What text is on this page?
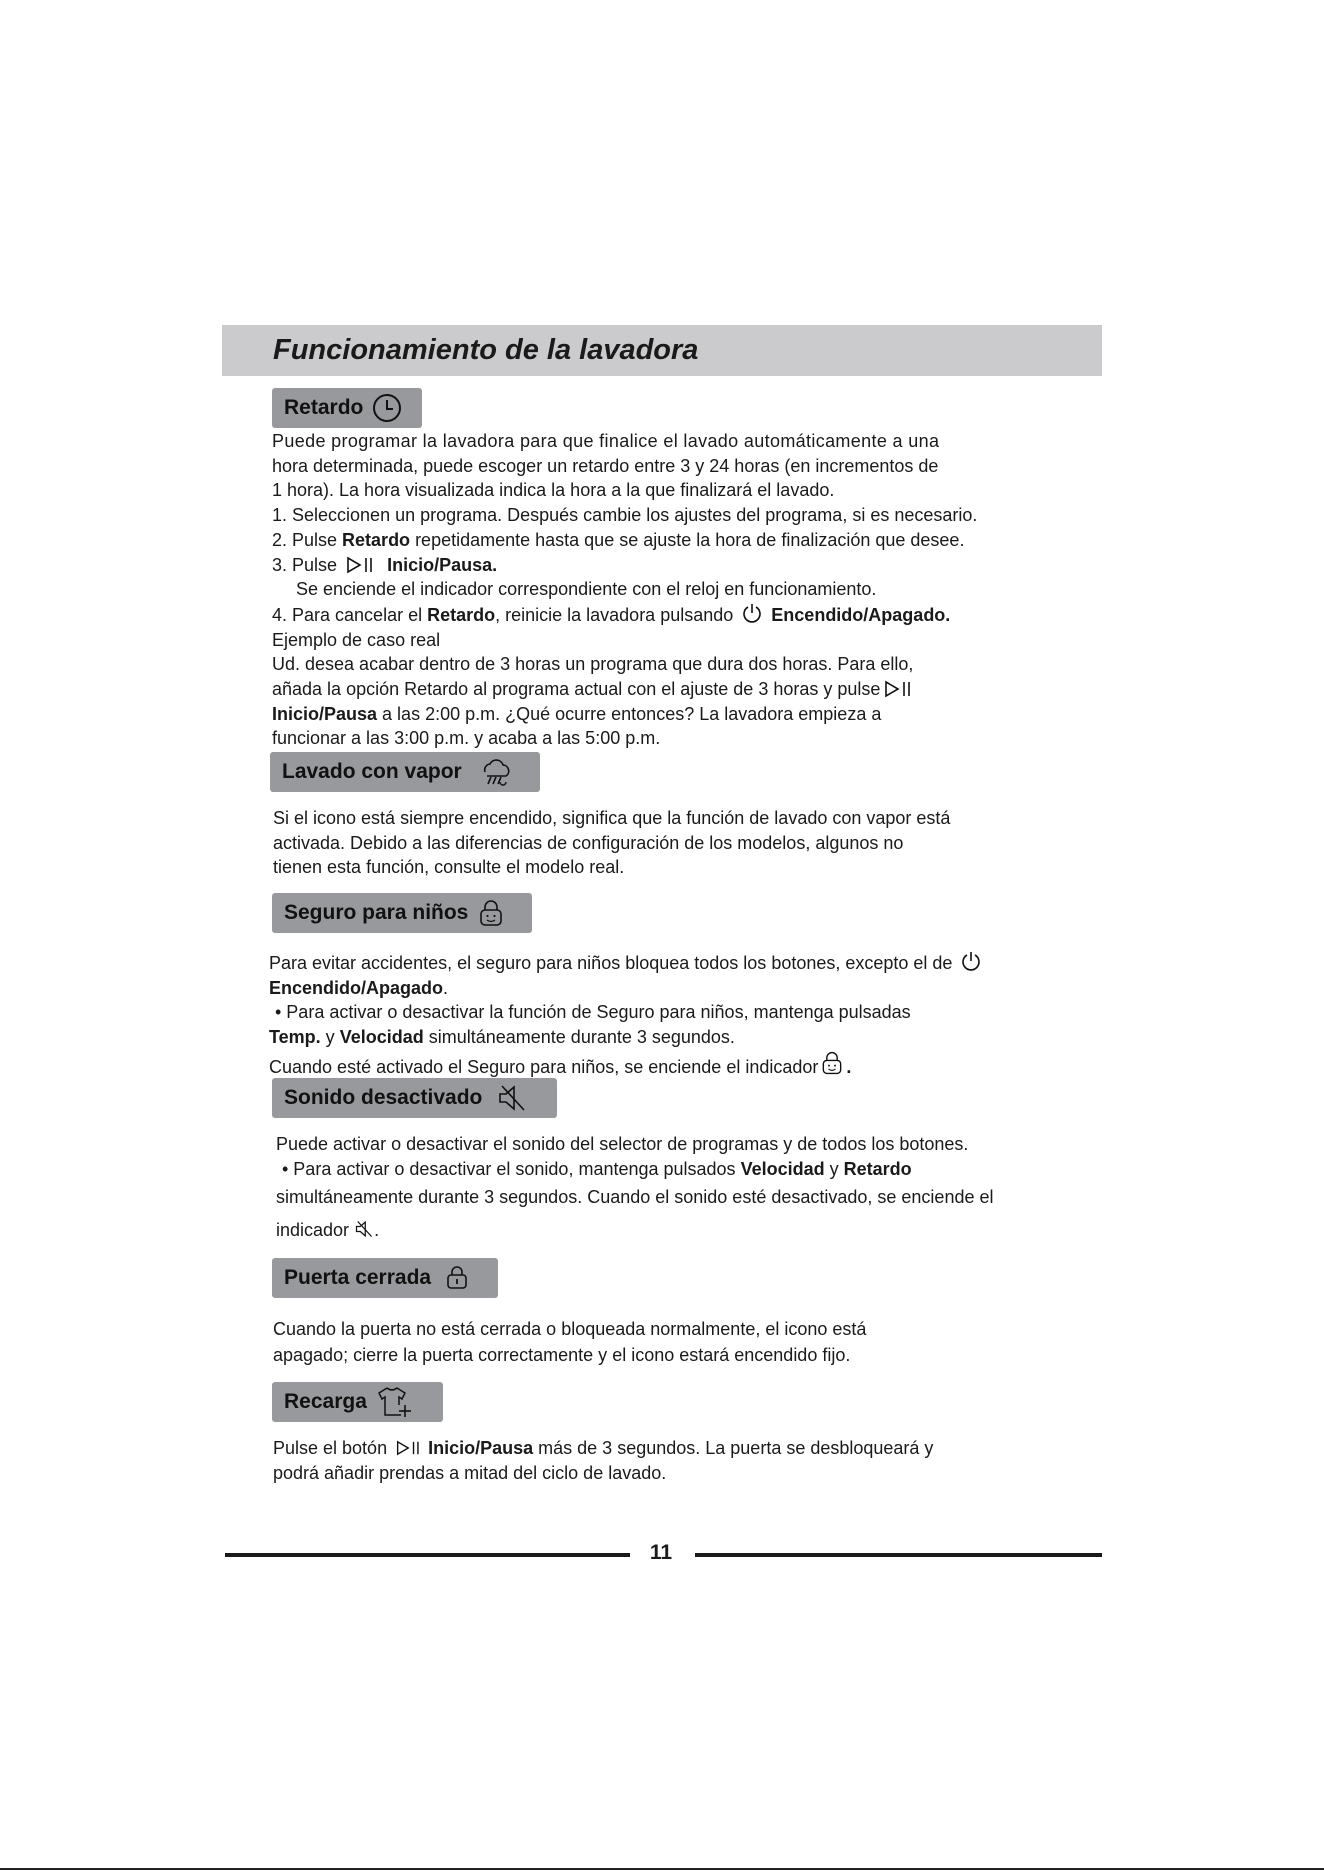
Funcionamiento de la lavadora
Retardo

Puede programar la lavadora para que finalice el lavado automáticamente a una

hora determinada, puede escoger un retardo entre 3 y 24 horas (en incrementos de

1 hora). La hora visualizada indica la hora a la que finalizará el lavado.

1. Seleccionen un programa. Después cambie los ajustes del programa, si es necesario.

2. Pulse Retardo repetidamente hasta que se ajuste la hora de finalización que desee.

3. Pulse	Inicio/Pausa.

Se enciende el indicador correspondiente con el reloj en funcionamiento.

4. Para cancelar el Retardo, reinicie la lavadora pulsando Encendido/Apagado.

Ejemplo de caso real

Ud. desea acabar dentro de 3 horas un programa que dura dos horas. Para ello,

añada la opción Retardo al programa actual con el ajuste de 3 horas y pulse

Inicio/Pausa a las 2:00 p.m. ¿Qué ocurre entonces? La lavadora empieza a

funcionar a las 3:00 p.m. y acaba a las 5:00 p.m.

Lavado con vapor

Si el icono está siempre encendido, significa que la función de lavado con vapor está

activada. Debido a las diferencias de configuración de los modelos, algunos no

tienen esta función, consulte el modelo real.

Seguro para niños

Para evitar accidentes, el seguro para niños bloquea todos los botones, excepto el de

Encendido/Apagado.

• Para activar o desactivar la función de Seguro para niños, mantenga pulsadas

Temp. y Velocidad simultáneamente durante 3 segundos.

Cuando esté activado el Seguro para niños, se enciende el indicador .

Sonido desactivado

Puede activar o desactivar el sonido del selector de programas y de todos los botones.

• Para activar o desactivar el sonido, mantenga pulsados Velocidad y Retardo

simultáneamente durante 3 segundos. Cuando el sonido esté desactivado, se enciende el

indicador .

Puerta cerrada

Cuando la puerta no está cerrada o bloqueada normalmente, el icono está

apagado; cierre la puerta correctamente y el icono estará encendido fijo.

Recarga

Pulse el botón Inicio/Pausa más de 3 segundos. La puerta se desbloqueará y

podrá añadir prendas a mitad del ciclo de lavado.

11
